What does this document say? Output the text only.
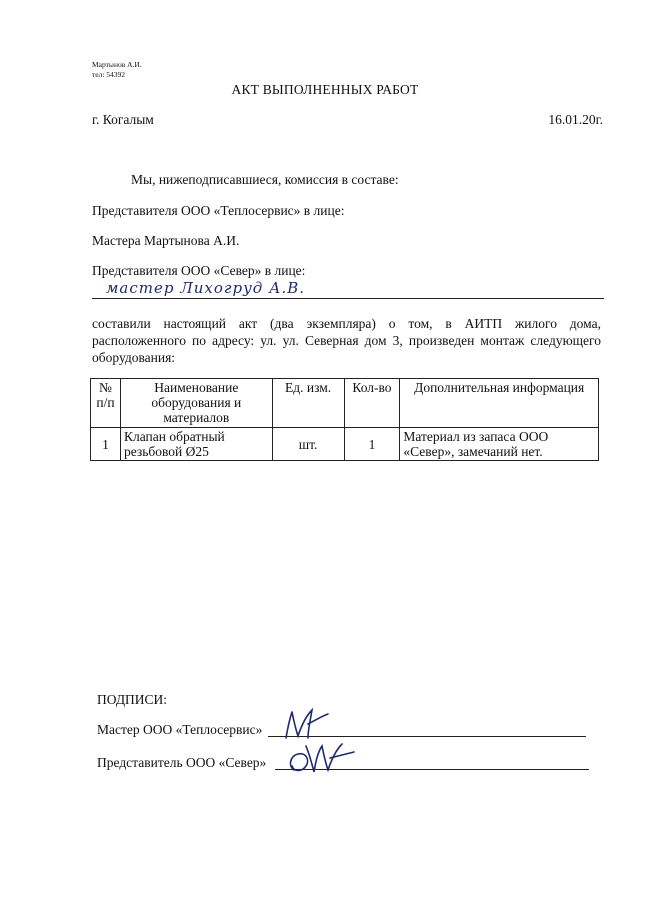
Мартынов А.И.
тел: 54392
АКТ ВЫПОЛНЕННЫХ РАБОТ
г. Когалым	16.01.20г.
Мы, нижеподписавшиеся, комиссия в составе:
Представителя ООО «Теплосервис» в лице:
Мастера Мартынова А.И.
Представителя ООО «Север» в лице:
мастер Лихогруд А.В.
составили настоящий акт (два экземпляра) о том, в АИТП жилого дома,
расположенного по адресу: ул. ул. Северная дом 3, произведен монтаж следующего
оборудования:
№ п/п	Наименование оборудования и материалов	Ед. изм.	Кол-во	Дополнительная информация
1	Клапан обратный резьбовой Ø25	шт.	1	Материал из запаса ООО «Север», замечаний нет.
ПОДПИСИ:
Мастер ООО «Теплосервис»
Представитель ООО «Север»
